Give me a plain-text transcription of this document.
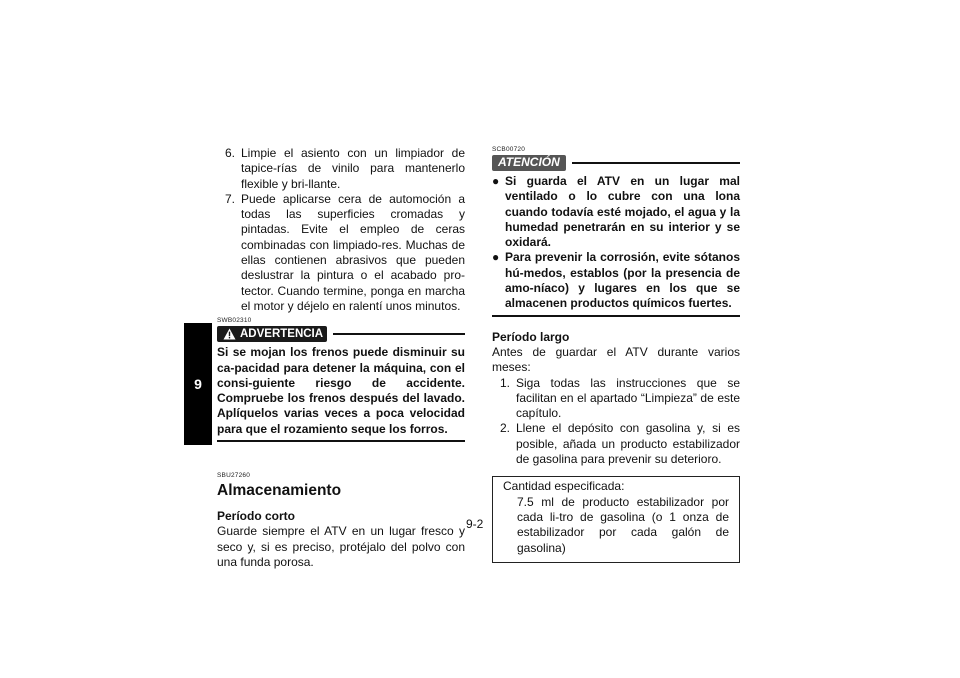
9
6. Limpie el asiento con un limpiador de tapice-rías de vinilo para mantenerlo flexible y bri-llante.
7. Puede aplicarse cera de automoción a todas las superficies cromadas y pintadas. Evite el empleo de ceras combinadas con limpiado-res. Muchas de ellas contienen abrasivos que pueden deslustrar la pintura o el acabado pro-tector. Cuando termine, ponga en marcha el motor y déjelo en ralentí unos minutos.
SWB02310
ADVERTENCIA
Si se mojan los frenos puede disminuir su ca-pacidad para detener la máquina, con el consi-guiente riesgo de accidente. Compruebe los frenos después del lavado. Aplíquelos varias veces a poca velocidad para que el rozamiento seque los forros.
SBU27260
Almacenamiento
Período corto
Guarde siempre el ATV en un lugar fresco y seco y, si es preciso, protéjalo del polvo con una funda porosa.
SCB00720
ATENCIÓN
● Si guarda el ATV en un lugar mal ventilado o lo cubre con una lona cuando todavía esté mojado, el agua y la humedad penetrarán en su interior y se oxidará.
● Para prevenir la corrosión, evite sótanos hú-medos, establos (por la presencia de amo-níaco) y lugares en los que se almacenen productos químicos fuertes.
Período largo
Antes de guardar el ATV durante varios meses:
1. Siga todas las instrucciones que se facilitan en el apartado “Limpieza” de este capítulo.
2. Llene el depósito con gasolina y, si es posible, añada un producto estabilizador de gasolina para prevenir su deterioro.
Cantidad especificada:
7.5 ml de producto estabilizador por cada li-tro de gasolina (o 1 onza de estabilizador por cada galón de gasolina)
9-2
